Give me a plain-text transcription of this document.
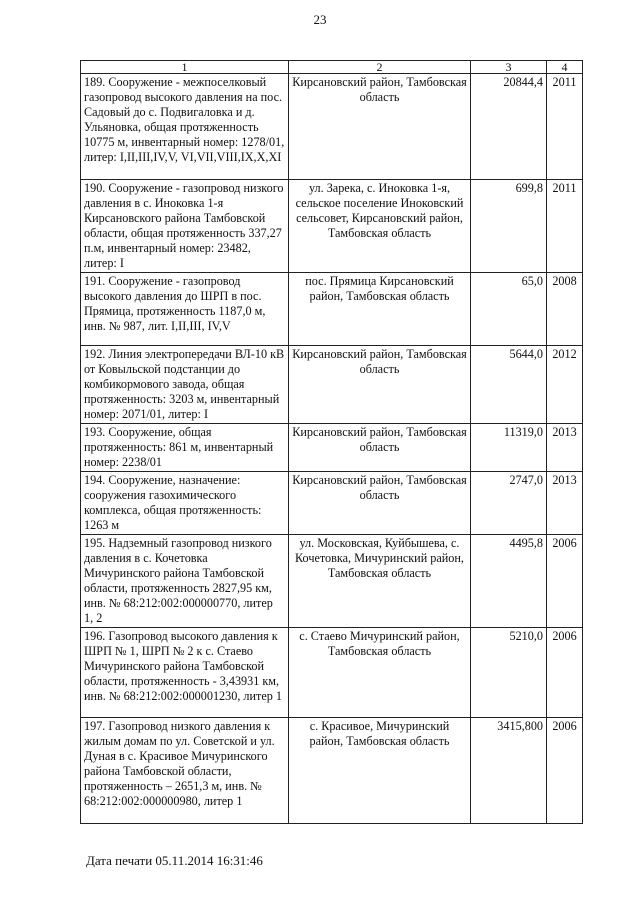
23
1	2	3	4
189. Сооружение - межпоселковый газопровод высокого давления на пос. Садовый до с. Подвигаловка и д. Ульяновка, общая протяженность 10775 м, инвентарный номер: 1278/01, литер: I,II,III,IV,V, VI,VII,VIII,IX,X,XI	Кирсановский район, Тамбовская область	20844,4	2011
190. Сооружение - газопровод низкого давления в с. Иноковка 1-я Кирсановского района Тамбовской области, общая протяженность 337,27 п.м, инвентарный номер: 23482, литер: I	ул. Зарека, с. Иноковка 1-я, сельское поселение Иноковский сельсовет, Кирсановский район, Тамбовская область	699,8	2011
191. Сооружение - газопровод высокого давления до ШРП в пос. Прямица, протяженность 1187,0 м, инв. № 987, лит. I,II,III, IV,V	пос. Прямица Кирсановский район, Тамбовская область	65,0	2008
192. Линия электропередачи ВЛ-10 кВ от Ковыльской подстанции до комбикормового завода, общая протяженность: 3203 м, инвентарный номер: 2071/01, литер: I	Кирсановский район, Тамбовская область	5644,0	2012
193. Сооружение, общая протяженность: 861 м, инвентарный номер: 2238/01	Кирсановский район, Тамбовская область	11319,0	2013
194. Сооружение, назначение: сооружения газохимического комплекса, общая протяженность: 1263 м	Кирсановский район, Тамбовская область	2747,0	2013
195. Надземный газопровод низкого давления в с. Кочетовка Мичуринского района Тамбовской области, протяженность 2827,95 км, инв. № 68:212:002:000000770, литер 1, 2	ул. Московская, Куйбышева, с. Кочетовка, Мичуринский район, Тамбовская область	4495,8	2006
196. Газопровод высокого давления к ШРП № 1, ШРП № 2 к с. Стаево Мичуринского района Тамбовской области, протяженность - 3,43931 км, инв. № 68:212:002:000001230, литер 1	с. Стаево Мичуринский район, Тамбовская область	5210,0	2006
197. Газопровод низкого давления к жилым домам по ул. Советской и ул. Дуная в с. Красивое Мичуринского района Тамбовской области, протяженность – 2651,3 м, инв. № 68:212:002:000000980, литер 1	с. Красивое, Мичуринский район, Тамбовская область	3415,800	2006
Дата печати 05.11.2014 16:31:46
